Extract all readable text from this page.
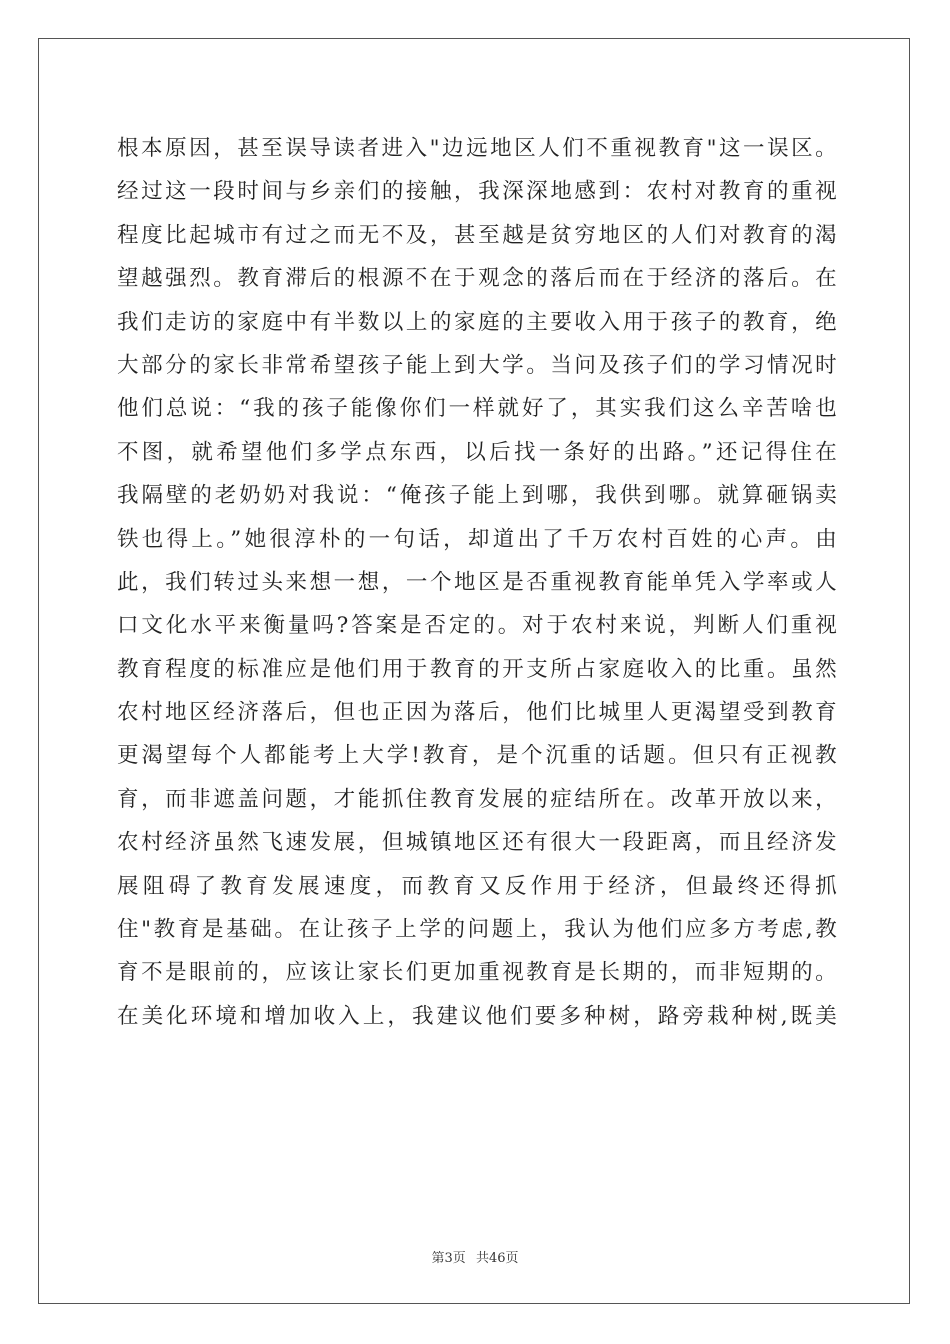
根本原因，甚至误导读者进入"边远地区人们不重视教育"这一误区。
经过这一段时间与乡亲们的接触，我深深地感到：农村对教育的重视
程度比起城市有过之而无不及，甚至越是贫穷地区的人们对教育的渴
望越强烈。教育滞后的根源不在于观念的落后而在于经济的落后。在
我们走访的家庭中有半数以上的家庭的主要收入用于孩子的教育，绝
大部分的家长非常希望孩子能上到大学。当问及孩子们的学习情况时
他们总说：“我的孩子能像你们一样就好了，其实我们这么辛苦啥也
不图，就希望他们多学点东西，以后找一条好的出路。”还记得住在
我隔壁的老奶奶对我说：“俺孩子能上到哪，我供到哪。就算砸锅卖
铁也得上。”她很淳朴的一句话，却道出了千万农村百姓的心声。由
此，我们转过头来想一想，一个地区是否重视教育能单凭入学率或人
口文化水平来衡量吗?答案是否定的。对于农村来说，判断人们重视
教育程度的标准应是他们用于教育的开支所占家庭收入的比重。虽然
农村地区经济落后，但也正因为落后，他们比城里人更渴望受到教育
更渴望每个人都能考上大学!教育，是个沉重的话题。但只有正视教
育，而非遮盖问题，才能抓住教育发展的症结所在。改革开放以来，
农村经济虽然飞速发展，但城镇地区还有很大一段距离，而且经济发
展阻碍了教育发展速度，而教育又反作用于经济，但最终还得抓
住"教育是基础。在让孩子上学的问题上，我认为他们应多方考虑,教
育不是眼前的，应该让家长们更加重视教育是长期的，而非短期的。
在美化环境和增加收入上，我建议他们要多种树，路旁栽种树,既美
第3页 共46页
